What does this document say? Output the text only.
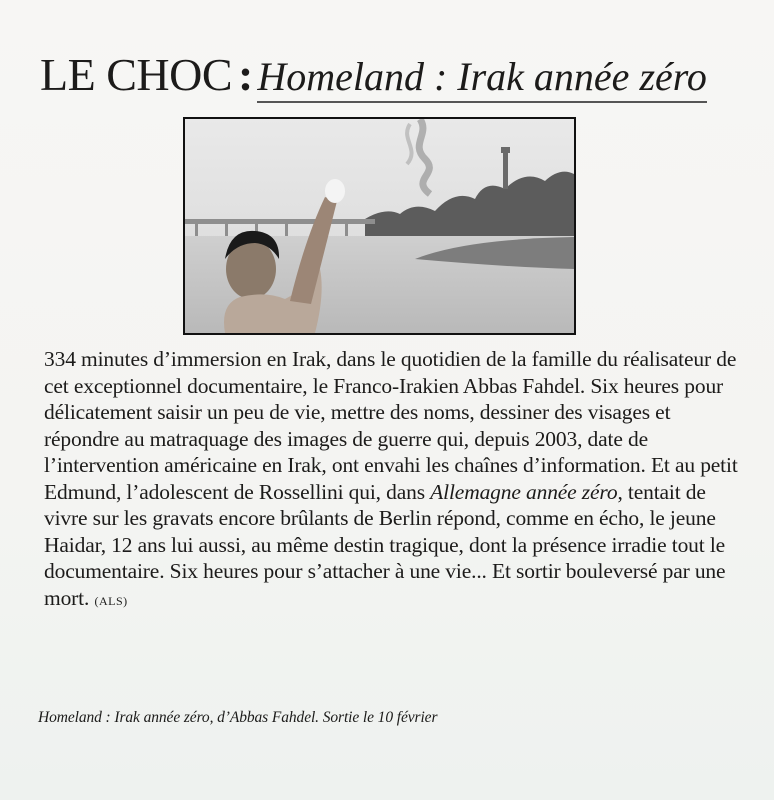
LE CHOC : Homeland : Irak année zéro

334 minutes d’immersion en Irak, dans le quotidien de la famille du réalisateur de cet exceptionnel documentaire, le Franco-Irakien Abbas Fahdel. Six heures pour délicatement saisir un peu de vie, mettre des noms, dessiner des visages et répondre au matraquage des images de guerre qui, depuis 2003, date de l’intervention américaine en Irak, ont envahi les chaînes d’information. Et au petit Edmund, l’adolescent de Rossellini qui, dans Allemagne année zéro, tentait de vivre sur les gravats encore brûlants de Berlin répond, comme en écho, le jeune Haidar, 12 ans lui aussi, au même destin tragique, dont la présence irradie tout le documentaire. Six heures pour s’attacher à une vie... Et sortir bouleversé par une mort. (ALS)

Homeland : Irak année zéro, d’Abbas Fahdel. Sortie le 10 février
